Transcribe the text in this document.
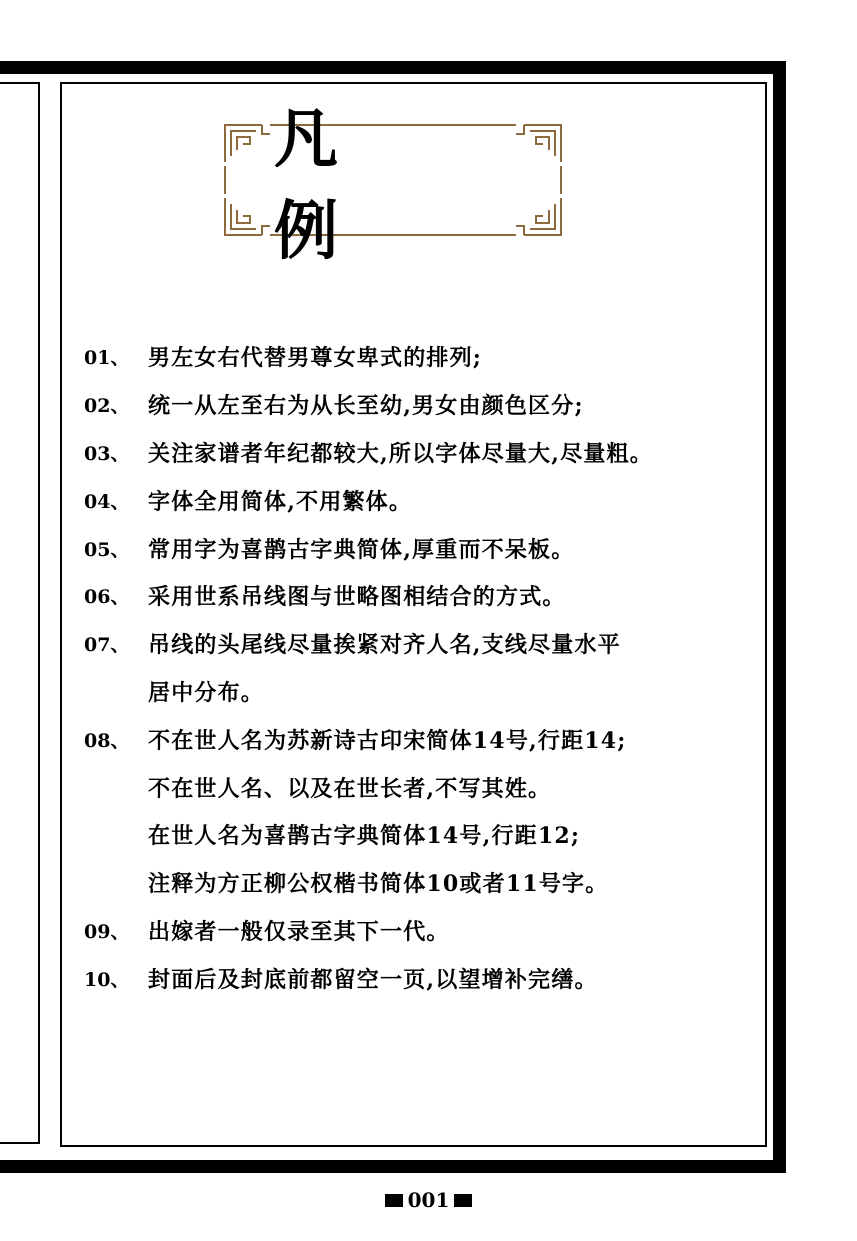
凡 例
01、 男左女右代替男尊女卑式的排列;
02、 统一从左至右为从长至幼,男女由颜色区分;
03、 关注家谱者年纪都较大,所以字体尽量大,尽量粗。
04、 字体全用简体,不用繁体。
05、 常用字为喜鹊古字典简体,厚重而不呆板。
06、 采用世系吊线图与世略图相结合的方式。
07、 吊线的头尾线尽量挨紧对齐人名,支线尽量水平
居中分布。
08、 不在世人名为苏新诗古印宋简体14号,行距14;
不在世人名、以及在世长者,不写其姓。
在世人名为喜鹊古字典简体14号,行距12;
注释为方正柳公权楷书简体10或者11号字。
09、 出嫁者一般仅录至其下一代。
10、 封面后及封底前都留空一页,以望增补完缮。
001
